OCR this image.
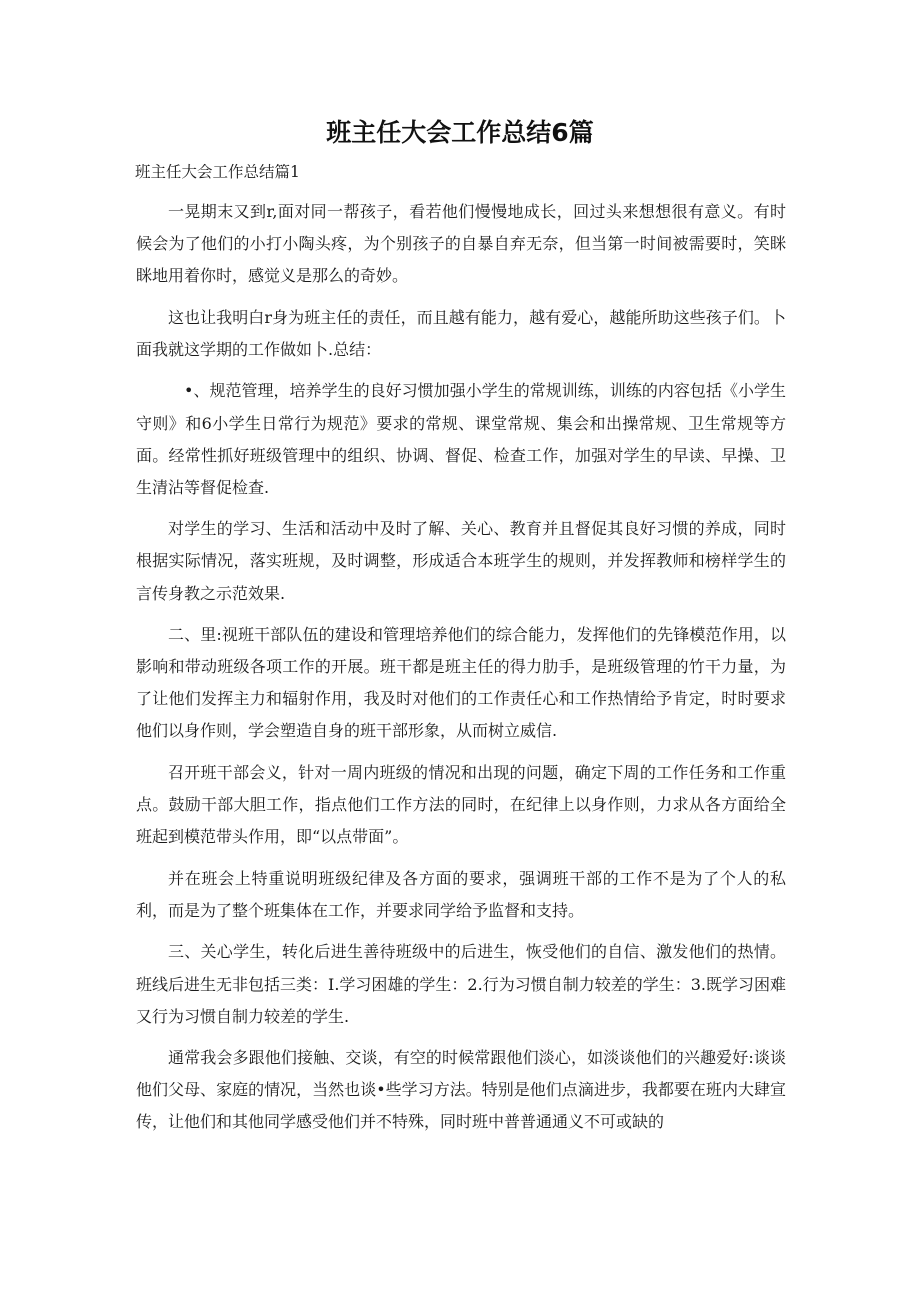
班主任大会工作总结6篇
班主任大会工作总结篇1

一晃期末又到r,面对同一帮孩子，看若他们慢慢地成长，回过头来想想很有意义。有时候会为了他们的小打小陶头疼，为个别孩子的自暴自弃无奈，但当第一时间被需要时，笑眯眯地用着你时，感觉义是那么的奇妙。

这也让我明白r身为班主任的责任，而且越有能力，越有爱心，越能所助这些孩子们。卜面我就这学期的工作做如卜.总结：

•、规范管理，培养学生的良好习惯加强小学生的常规训练，训练的内容包括《小学生守则》和6小学生日常行为规范》要求的常规、课堂常规、集会和出操常规、卫生常规等方面。经常性抓好班级管理中的组织、协调、督促、检查工作，加强对学生的早读、早操、卫生清沾等督促检查.

对学生的学习、生活和活动中及时了解、关心、教育并且督促其良好习惯的养成，同时根据实际情况，落实班规，及时调整，形成适合本班学生的规则，并发挥教师和榜样学生的言传身教之示范效果.

二、里:视班干部队伍的建设和管理培养他们的综合能力，发挥他们的先锋模范作用，以影响和带动班级各项工作的开展。班干都是班主任的得力肋手，是班级管理的竹干力量，为了让他们发挥主力和辐射作用，我及时对他们的工作责任心和工作热情给予肯定，时时要求他们以身作则，学会塑造自身的班干部形象，从而树立威信.

召开班干部会义，针对一周内班级的情况和出现的问题，确定下周的工作任务和工作重点。鼓励干部大胆工作，指点他们工作方法的同时，在纪律上以身作则，力求从各方面给全班起到模范带头作用，即“以点带面”。

并在班会上特重说明班级纪律及各方面的要求，强调班干部的工作不是为了个人的私利，而是为了整个班集体在工作，并要求同学给予监督和支持。

三、关心学生，转化后进生善待班级中的后进生，恢受他们的自信、激发他们的热情。班线后进生无非包括三类：I.学习困雄的学生：2.行为习惯自制力较差的学生：3.既学习困难又行为习惯自制力较差的学生.

通常我会多跟他们接触、交谈，有空的时候常跟他们淡心，如淡谈他们的兴趣爱好:谈谈他们父母、家庭的情况，当然也谈•些学习方法。特别是他们点滴进步，我都要在班内大肆宣传，让他们和其他同学感受他们并不特殊，同时班中普普通通义不可或缺的
